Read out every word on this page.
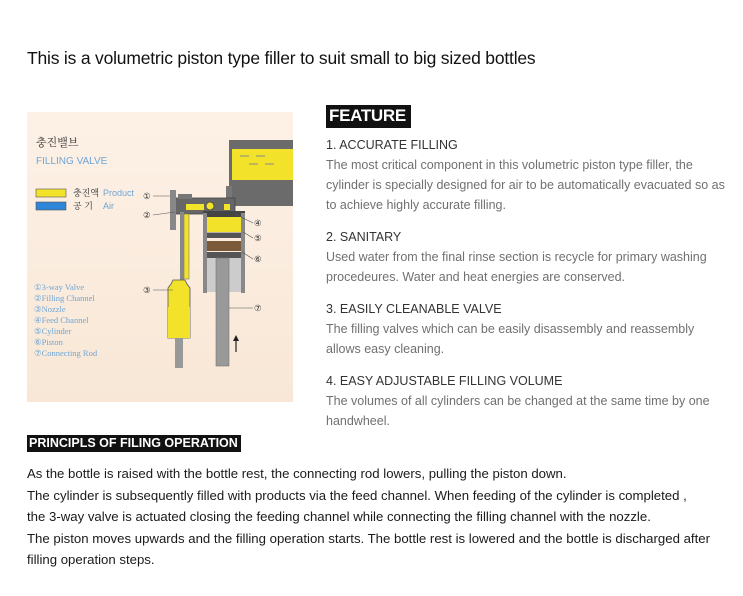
This is a volumetric piston type filler to suit small to big sized bottles
충진밸브
FILLING VALVE
충진액 Product
공 기 Air
①3-way Valve
②Filling Channel
③Nozzle
④Feed Channel
⑤Cylinder
⑥Piston
⑦Connecting Rod
①
②
③
④
⑤
⑥
⑦
FEATURE
1. ACCURATE FILLING
The most critical component in this volumetric piston type filler, the cylinder is specially designed for air to be automatically evacuated so as to achieve highly accurate filling.
2. SANITARY
Used water from the final rinse section is recycle for primary washing procedeures. Water and heat energies are conserved.
3. EASILY CLEANABLE VALVE
The filling valves which can be easily disassembly and reassembly allows easy cleaning.
4. EASY ADJUSTABLE FILLING VOLUME
The volumes of all cylinders can be changed at the same time by one handwheel.
PRINCIPLS OF FILING OPERATION

As the bottle is raised with the bottle rest, the connecting rod lowers, pulling the piston down.

The cylinder is subsequently filled with products via the feed channel. When feeding of the cylinder is completed ,

the 3-way valve is actuated closing the feeding channel while connecting the filling channel with the nozzle.

The piston moves upwards and the filling operation starts. The bottle rest is lowered and the bottle is discharged after filling operation steps.
